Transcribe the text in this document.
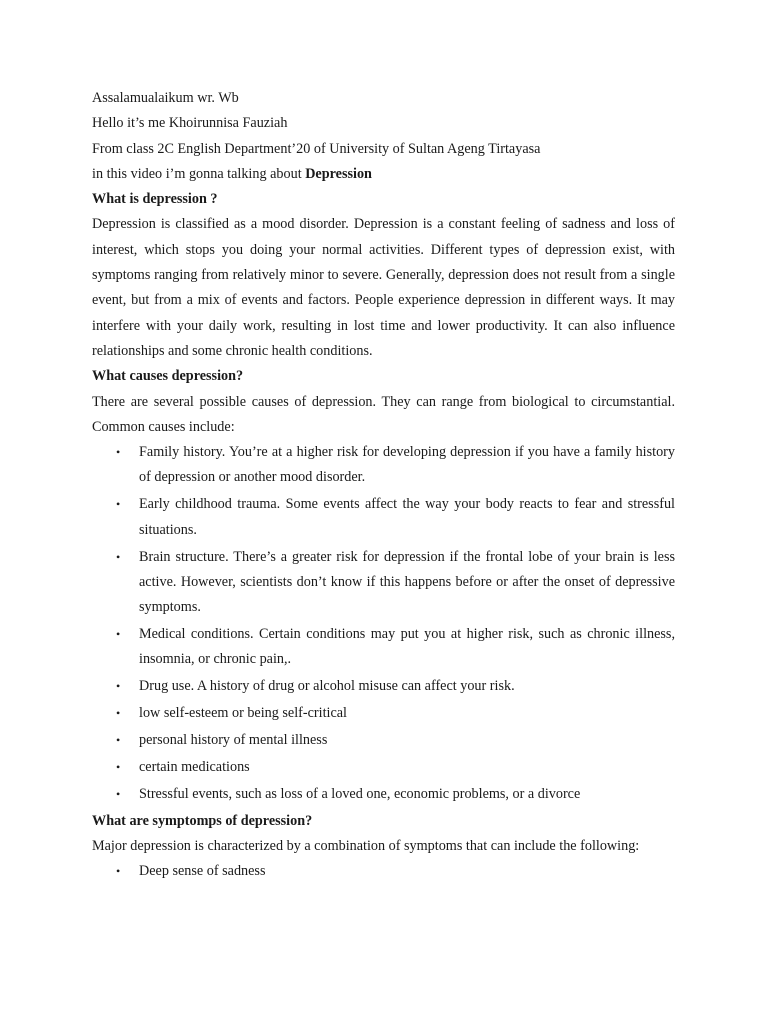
Assalamualaikum wr. Wb

Hello it’s me Khoirunnisa Fauziah

From class 2C English Department’20 of University of Sultan Ageng Tirtayasa

in this video i’m gonna talking about Depression

What is depression ?

Depression is classified as a mood disorder. Depression is a constant feeling of sadness and loss of interest, which stops you doing your normal activities. Different types of depression exist, with symptoms ranging from relatively minor to severe. Generally, depression does not result from a single event, but from a mix of events and factors. People experience depression in different ways. It may interfere with your daily work, resulting in lost time and lower productivity. It can also influence relationships and some chronic health conditions.

What causes depression?

There are several possible causes of depression. They can range from biological to circumstantial. Common causes include:

• Family history. You’re at a higher risk for developing depression if you have a family history of depression or another mood disorder.
• Early childhood trauma. Some events affect the way your body reacts to fear and stressful situations.
• Brain structure. There’s a greater risk for depression if the frontal lobe of your brain is less active. However, scientists don’t know if this happens before or after the onset of depressive symptoms.
• Medical conditions. Certain conditions may put you at higher risk, such as chronic illness, insomnia, or chronic pain,.
• Drug use. A history of drug or alcohol misuse can affect your risk.
• low self-esteem or being self-critical
• personal history of mental illness
• certain medications
• Stressful events, such as loss of a loved one, economic problems, or a divorce

What are symptomps of depression?

Major depression is characterized by a combination of symptoms that can include the following:

• Deep sense of sadness
